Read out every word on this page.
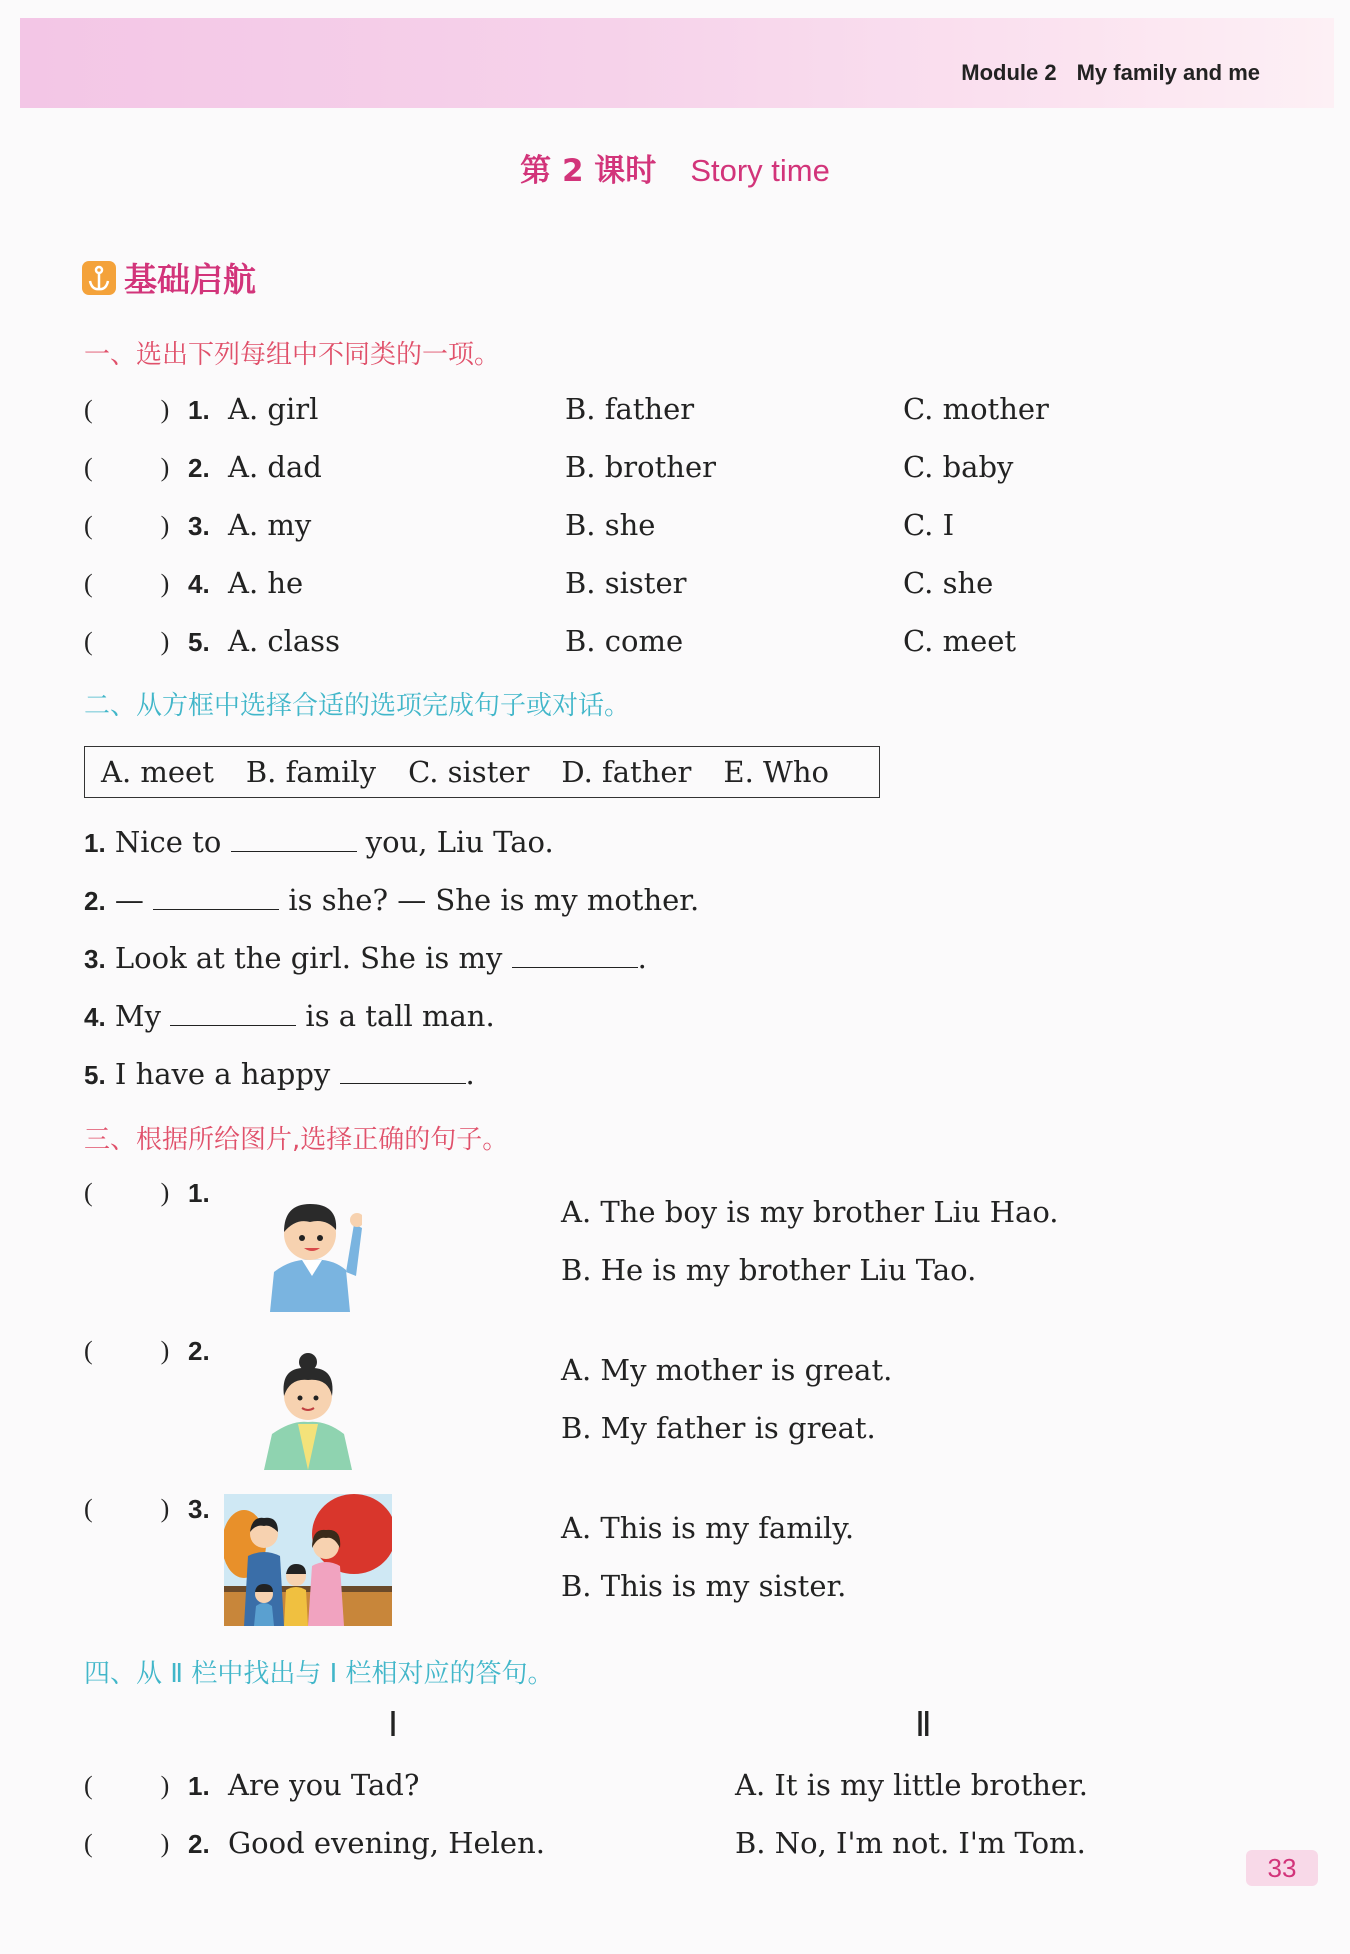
Module 2 My family and me
第 2 课时 Story time
基础启航
一、选出下列每组中不同类的一项。
(	) 1. A. girl	B. father	C. mother
(	) 2. A. dad	B. brother	C. baby
(	) 3. A. my	B. she	C. I
(	) 4. A. he	B. sister	C. she
(	) 5. A. class	B. come	C. meet
二、从方框中选择合适的选项完成句子或对话。
A. meet B. family C. sister D. father E. Who
1. Nice to	you, Liu Tao.
2. —	is she? — She is my mother.
3. Look at the girl. She is my	.
4. My	is a tall man.
5. I have a happy	.
三、根据所给图片,选择正确的句子。
(	) 1.
A. The boy is my brother Liu Hao.
B. He is my brother Liu Tao.
(	) 2.
A. My mother is great.
B. My father is great.
(	) 3.
A. This is my family.
B. This is my sister.
四、从 Ⅱ 栏中找出与 Ⅰ 栏相对应的答句。
Ⅰ	Ⅱ
(	) 1. Are you Tad?	A. It is my little brother.
(	) 2. Good evening, Helen.	B. No, I'm not. I'm Tom.
33
